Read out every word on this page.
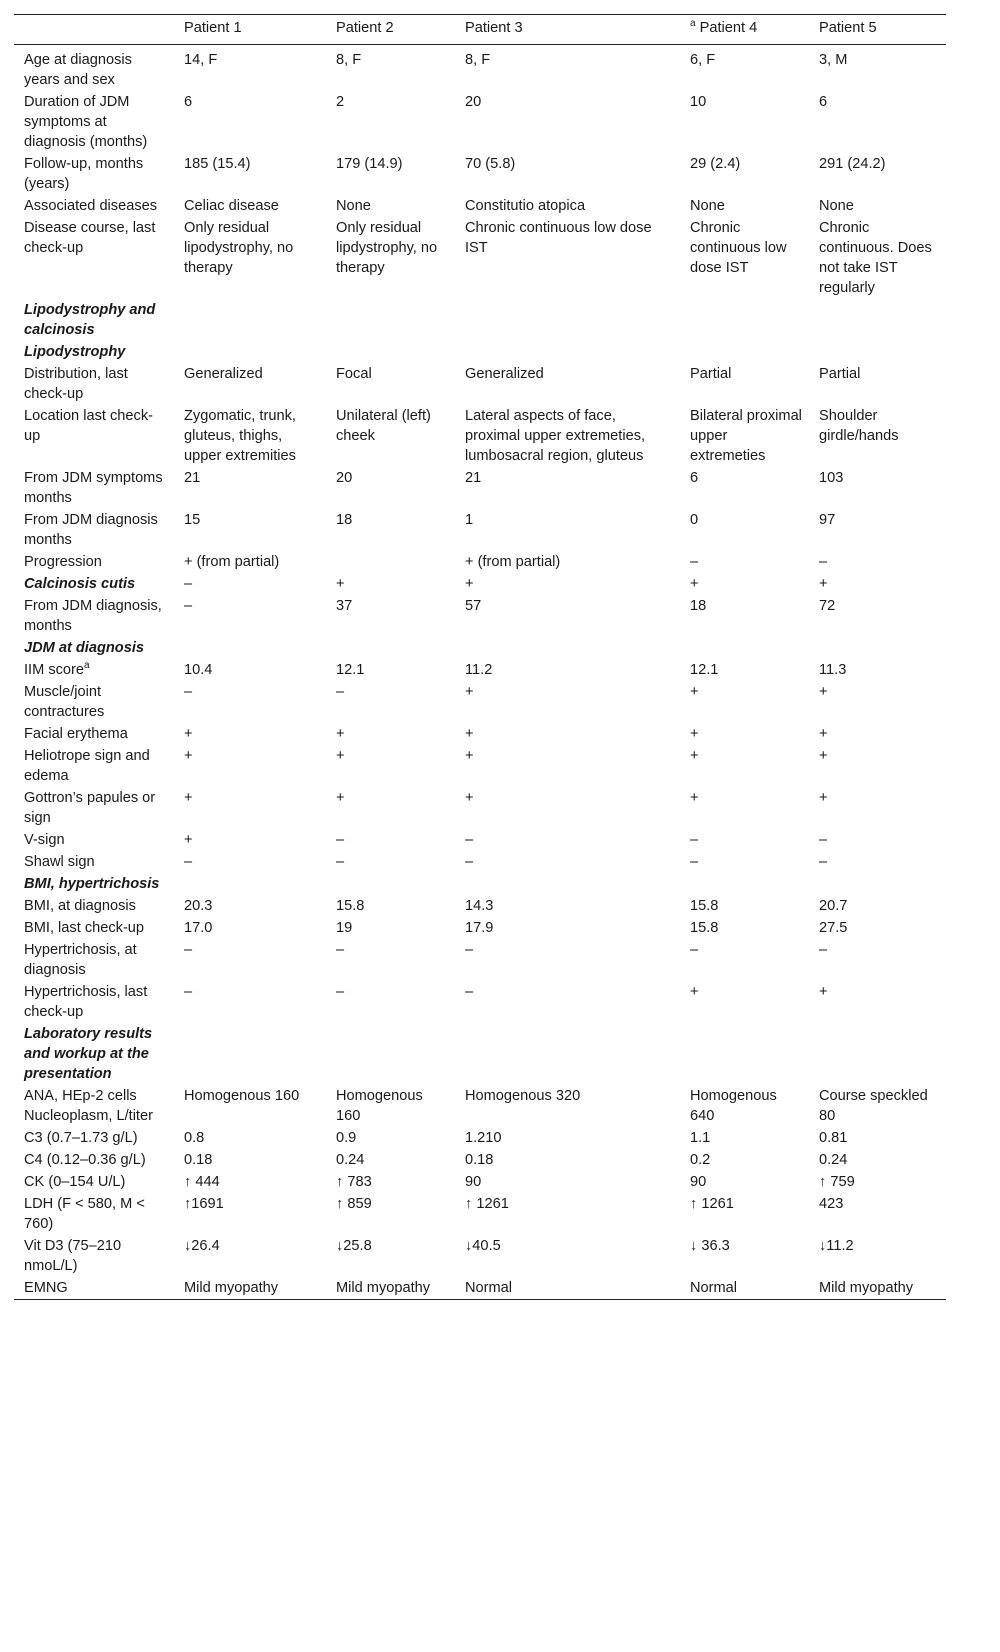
	Patient 1	Patient 2	Patient 3	$^a$ Patient 4	Patient 5
Age at diagnosis years and sex	14, F	8, F	8, F	6, F	3, M
Duration of JDM symptoms at diagnosis (months)	6	2	20	10	6
Follow-up, months (years)	185 (15.4)	179 (14.9)	70 (5.8)	29 (2.4)	291 (24.2)
Associated diseases	Celiac disease	None	Constitutio atopica	None	None
Disease course, last check-up	Only residual lipodystrophy, no therapy	Only residual lipdystrophy, no therapy	Chronic continuous low dose IST	Chronic continuous low dose IST	Chronic continuous. Does not take IST regularly
Lipodystrophy and calcinosis					
Lipodystrophy					
Distribution, last check-up	Generalized	Focal	Generalized	Partial	Partial
Location last check-up	Zygomatic, trunk, gluteus, thighs, upper extremities	Unilateral (left) cheek	Lateral aspects of face, proximal upper extremeties, lumbosacral region, gluteus	Bilateral proximal upper extremeties	Shoulder girdle/hands
From JDM symptoms months	21	20	21	6	103
From JDM diagnosis months	15	18	1	0	97
Progression	+ (from partial)		+ (from partial)	–	–
Calcinosis cutis	–	+	+	+	+
From JDM diagnosis, months	–	37	57	18	72
JDM at diagnosis					
IIM score$^a$	10.4	12.1	11.2	12.1	11.3
Muscle/joint contractures	–	–	+	+	+
Facial erythema	+	+	+	+	+
Heliotrope sign and edema	+	+	+	+	+
Gottron’s papules or sign	+	+	+	+	+
V-sign	+	–	–	–	–
Shawl sign	–	–	–	–	–
BMI, hypertrichosis					
BMI, at diagnosis	20.3	15.8	14.3	15.8	20.7
BMI, last check-up	17.0	19	17.9	15.8	27.5
Hypertrichosis, at diagnosis	–	–	–	–	–
Hypertrichosis, last check-up	–	–	–	+	+
Laboratory results and workup at the presentation					
ANA, HEp-2 cells Nucleoplasm, L/titer	Homogenous 160	Homogenous 160	Homogenous 320	Homogenous 640	Course speckled 80
C3 (0.7–1.73 g/L)	0.8	0.9	1.210	1.1	0.81
C4 (0.12–0.36 g/L)	0.18	0.24	0.18	0.2	0.24
CK (0–154 U/L)	↑ 444	↑ 783	90	90	↑ 759
LDH (F < 580, M < 760)	↑1691	↑ 859	↑ 1261	↑ 1261	423
Vit D3 (75–210 nmoL/L)	↓26.4	↓25.8	↓40.5	↓ 36.3	↓11.2
EMNG	Mild myopathy	Mild myopathy	Normal	Normal	Mild myopathy
